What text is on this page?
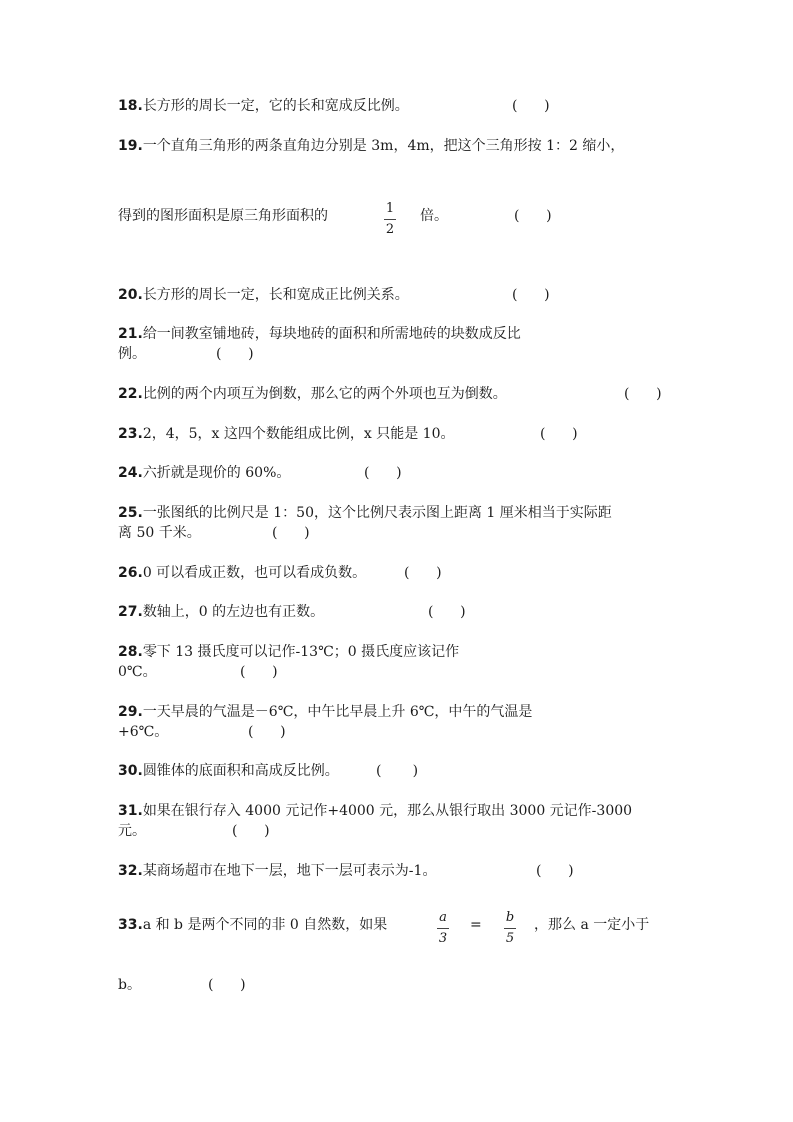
18.长方形的周长一定，它的长和宽成反比例。	(      )
19.一个直角三角形的两条直角边分别是 3m，4m，把这个三角形按 1：2 缩小，
得到的图形面积是原三角形面积的	1
2
倍。	(      )
20.长方形的周长一定，长和宽成正比例关系。	(      )
21.给一间教室铺地砖，每块地砖的面积和所需地砖的块数成反比
例。	(      )
22.比例的两个内项互为倒数，那么它的两个外项也互为倒数。	(      )
23.2，4，5，x 这四个数能组成比例，x 只能是 10。	(      )
24.六折就是现价的 60%。	(      )
25.一张图纸的比例尺是 1：50，这个比例尺表示图上距离 1 厘米相当于实际距
离 50 千米。	(      )
26.0 可以看成正数，也可以看成负数。	(      )
27.数轴上，0 的左边也有正数。	(      )
28.零下 13 摄氏度可以记作-13℃；0 摄氏度应该记作
0℃。	(      )
29.一天早晨的气温是－6℃，中午比早晨上升 6℃，中午的气温是
+6℃。	(      )
30.圆锥体的底面积和高成反比例。	(       )
31.如果在银行存入 4000 元记作+4000 元，那么从银行取出 3000 元记作-3000
元。	(      )
32.某商场超市在地下一层，地下一层可表示为-1。	(      )
33.a 和 b 是两个不同的非 0 自然数，如果	a
3
= b
5
，那么 a 一定小于
b。	(      )
